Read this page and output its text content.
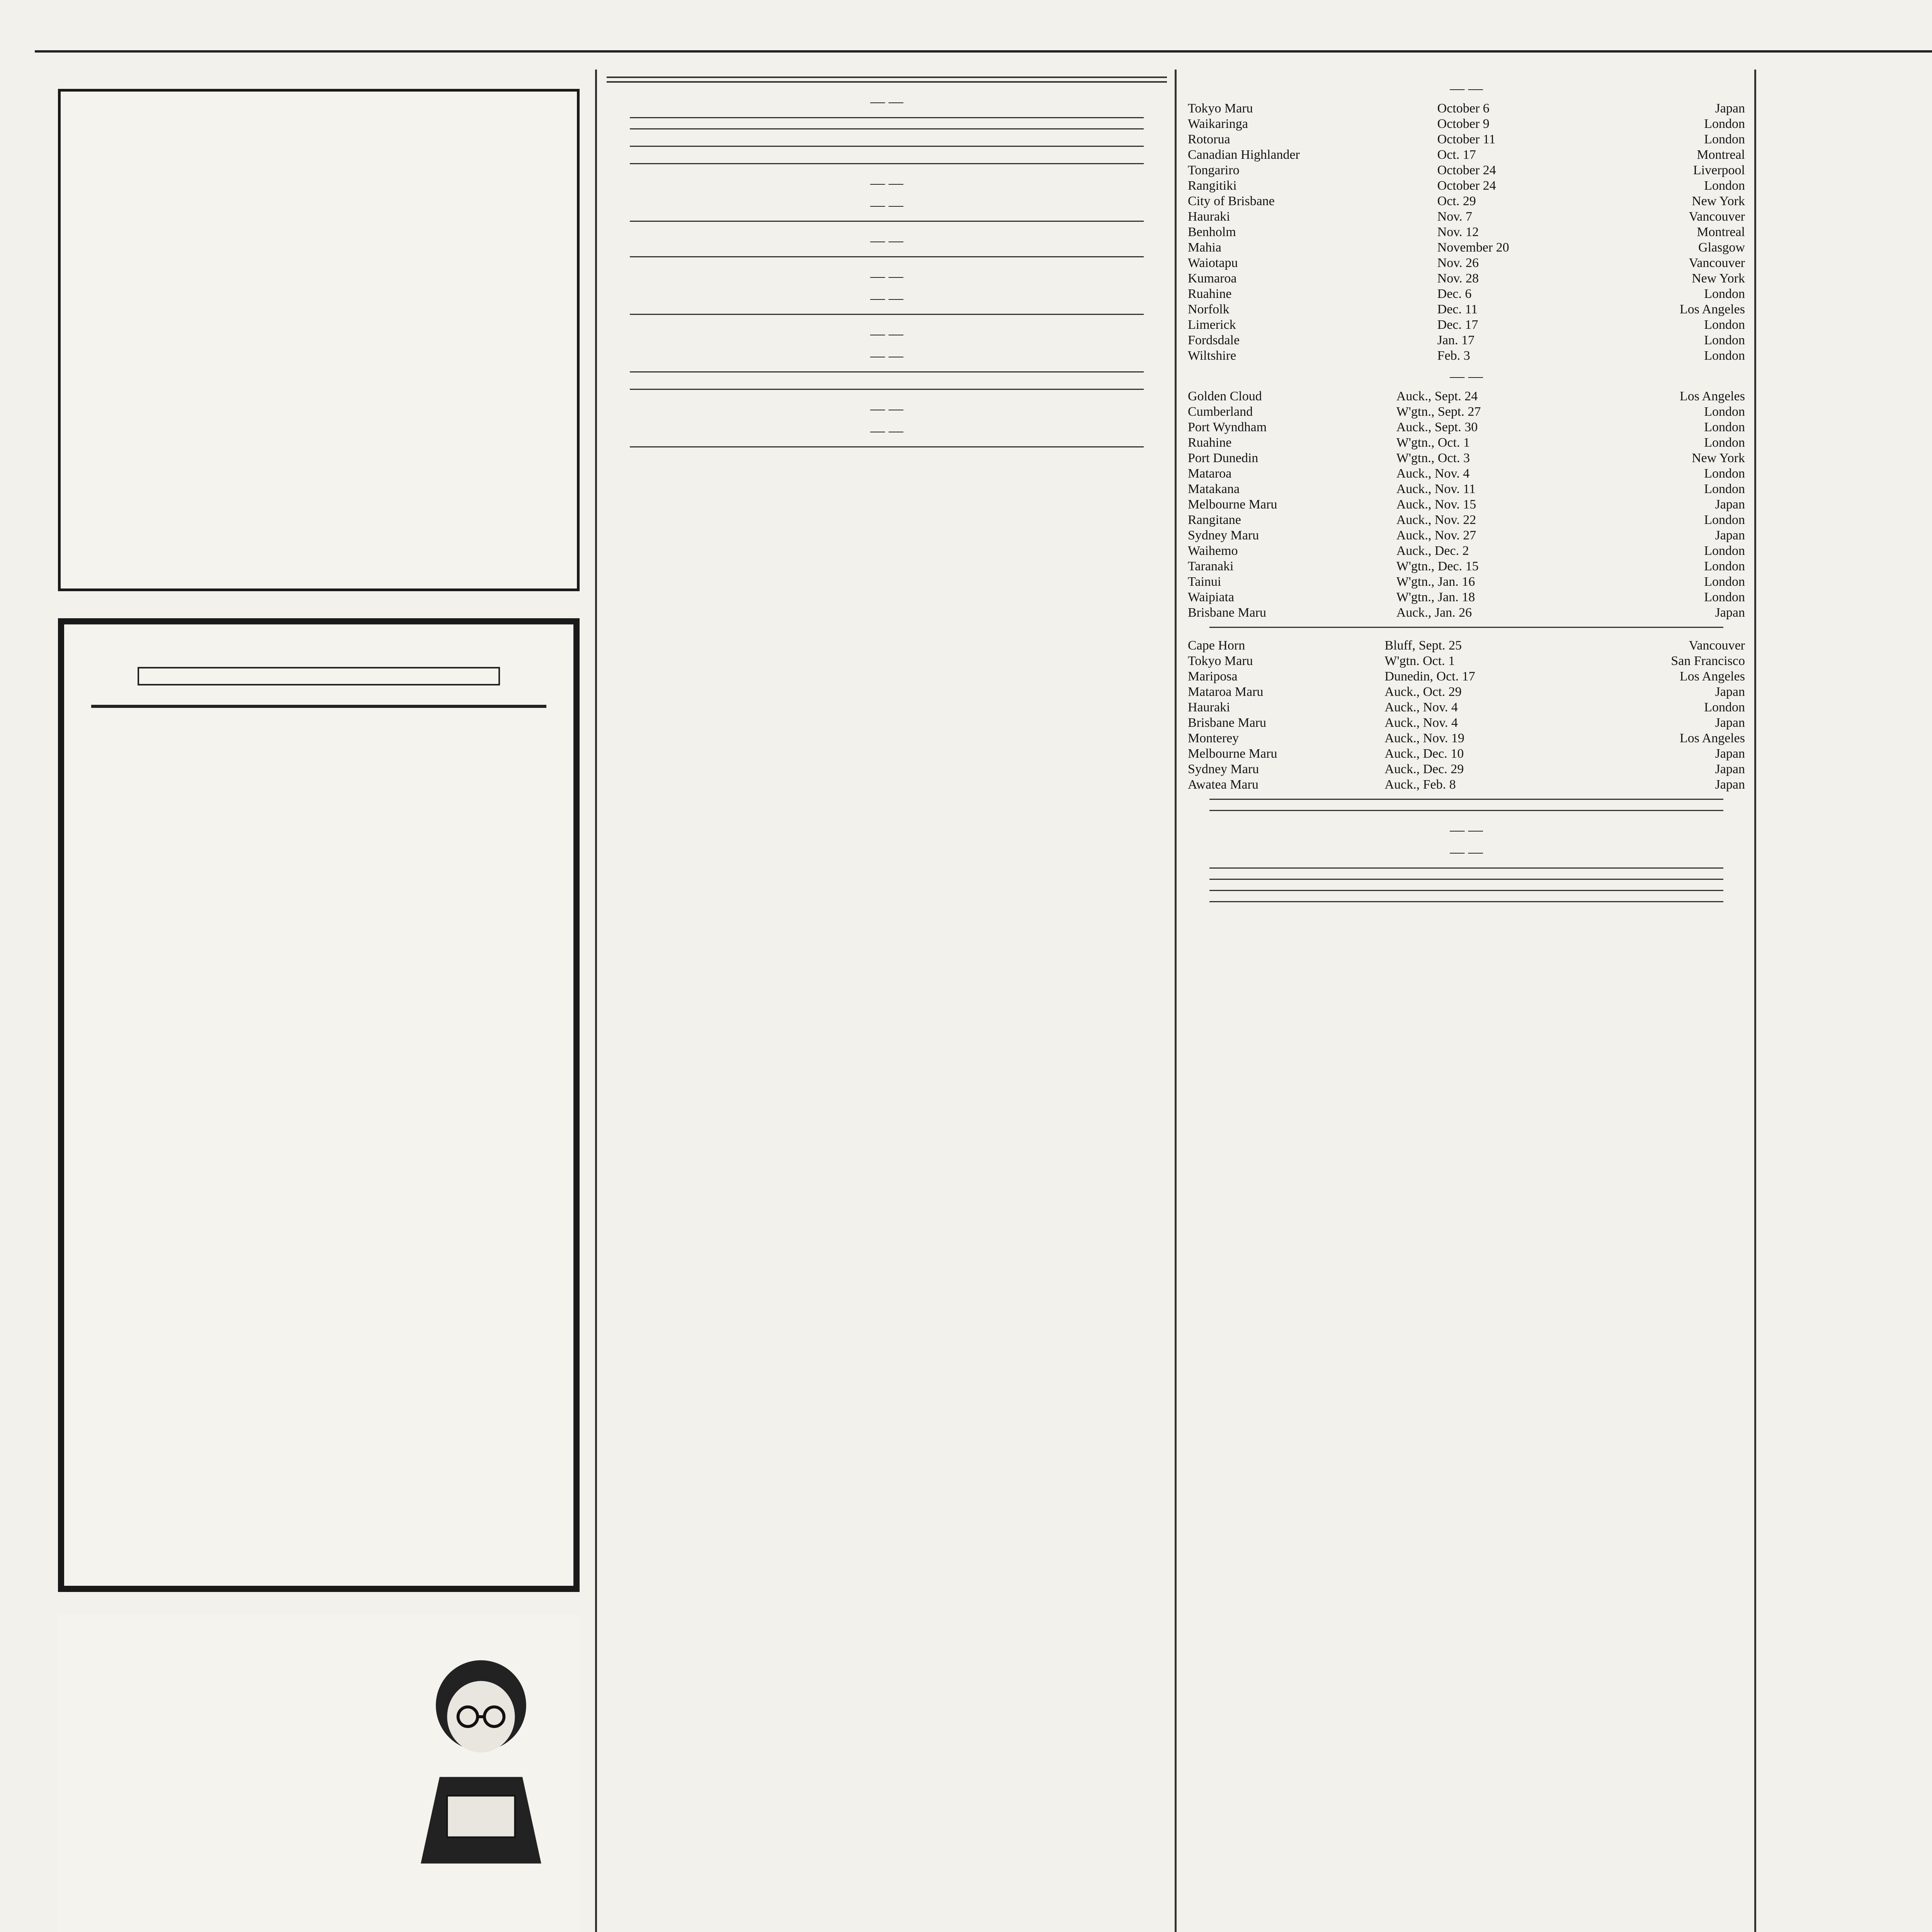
— —

— —

— —

— —

— —

— —

— —

— —

— —

— —

— —
Tokyo Maru	October 6	Japan
Waikaringa	October 9	London
Rotorua	October 11	London
Canadian Highlander	Oct. 17	Montreal
Tongariro	October 24	Liverpool
Rangitiki	October 24	London
City of Brisbane	Oct. 29	New York
Hauraki	Nov. 7	Vancouver
Benholm	Nov. 12	Montreal
Mahia	November 20	Glasgow
Waiotapu	Nov. 26	Vancouver
Kumaroa	Nov. 28	New York
Ruahine	Dec. 6	London
Norfolk	Dec. 11	Los Angeles
Limerick	Dec. 17	London
Fordsdale	Jan. 17	London
Wiltshire	Feb. 3	London
— —
Golden Cloud	Auck., Sept. 24	Los Angeles
Cumberland	W'gtn., Sept. 27	London
Port Wyndham	Auck., Sept. 30	London
Ruahine	W'gtn., Oct. 1	London
Port Dunedin	W'gtn., Oct. 3	New York
Mataroa	Auck., Nov. 4	London
Matakana	Auck., Nov. 11	London
Melbourne Maru	Auck., Nov. 15	Japan
Rangitane	Auck., Nov. 22	London
Sydney Maru	Auck., Nov. 27	Japan
Waihemo	Auck., Dec. 2	London
Taranaki	W'gtn., Dec. 15	London
Tainui	W'gtn., Jan. 16	London
Waipiata	W'gtn., Jan. 18	London
Brisbane Maru	Auck., Jan. 26	Japan
Cape Horn	Bluff, Sept. 25	Vancouver
Tokyo Maru	W'gtn. Oct. 1	San Francisco
Mariposa	Dunedin, Oct. 17	Los Angeles
Mataroa Maru	Auck., Oct. 29	Japan
Hauraki	Auck., Nov. 4	London
Brisbane Maru	Auck., Nov. 4	Japan
Monterey	Auck., Nov. 19	Los Angeles
Melbourne Maru	Auck., Dec. 10	Japan
Sydney Maru	Auck., Dec. 29	Japan
Awatea Maru	Auck., Feb. 8	Japan

— —

— —
